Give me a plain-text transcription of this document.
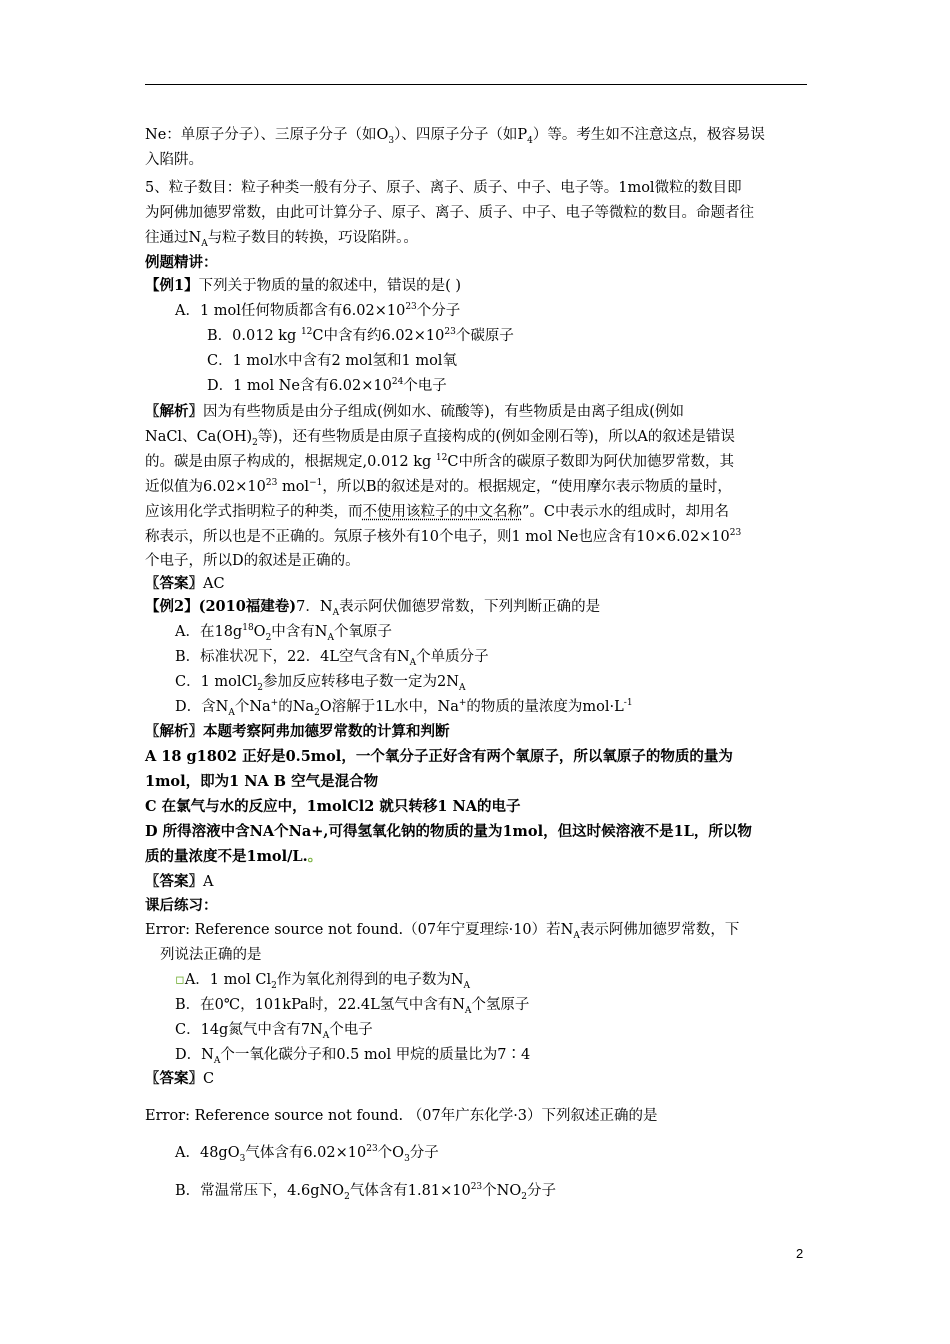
Ne：单原子分子）、三原子分子（如$O_3$）、四原子分子（如$P_4$）等。考生如不注意这点，极容易误
入陷阱。
5、粒子数目：粒子种类一般有分子、原子、离子、质子、中子、电子等。1mol微粒的数目即
为阿佛加德罗常数，由此可计算分子、原子、离子、质子、中子、电子等微粒的数目。命题者往
往通过$N_A$与粒子数目的转换，巧设陷阱。。
例题精讲：
【例1】下列关于物质的量的叙述中，错误的是( )
A．1 mol任何物质都含有$6.02\times 10^{23}$个分子
B．0.012 kg $^{12}$C中含有约$6.02\times 10^{23}$个碳原子
C．1 mol水中含有2 mol氢和1 mol氧
D．1 mol Ne含有$6.02\times 10^{24}$个电子
〖解析〗因为有些物质是由分子组成(例如水、硫酸等)，有些物质是由离子组成(例如
NaCl、$Ca(OH)_2$等)，还有些物质是由原子直接构成的(例如金刚石等)，所以A的叙述是错误
的。碳是由原子构成的，根据规定,0.012 kg $^{12}$C中所含的碳原子数即为阿伏加德罗常数，其
近似值为$6.02\times 10^{23}$ mol$^{-1}$，所以B的叙述是对的。根据规定，“使用摩尔表示物质的量时，
应该用化学式指明粒子的种类，而不使用该粒子的中文名称”。C中表示水的组成时，却用名
称表示，所以也是不正确的。氖原子核外有10个电子，则1 mol Ne也应含有$10\times 6.02\times 10^{23}$
个电子，所以D的叙述是正确的。
〖答案〗AC
【例2】(2010福建卷)7．$N_A$表示阿伏伽德罗常数，下列判断正确的是
A．在$18g^{18}O_2$中含有$N_A$个氧原子
B．标准状况下，22．4L空气含有$N_A$个单质分子
C．1 molCl$_2$参加反应转移电子数一定为$2N_A$
D．含$N_A$个Na+的$Na_2O$溶解于1L水中，Na+的物质的量浓度为$mol\cdot L^{-1}$
〖解析〗本题考察阿弗加德罗常数的计算和判断
A 18 g1802 正好是0.5mol，一个氧分子正好含有两个氧原子，所以氧原子的物质的量为
1mol，即为1 NA B 空气是混合物
C 在氯气与水的反应中，1molCl2 就只转移1 NA的电子
D 所得溶液中含NA个Na+,可得氢氧化钠的物质的量为1mol，但这时候溶液不是1L，所以物
质的量浓度不是1mol/L.。
〖答案〗A
课后练习：
Error: Reference source not found.（07年宁夏理综·10）若$N_A$表示阿佛加德罗常数，下
列说法正确的是
▫A．1 mol $Cl_2$作为氧化剂得到的电子数为$N_A$
B．在0℃，101kPa时，22.4L氢气中含有$N_A$个氢原子
C．14g氮气中含有$7N_A$个电子
D．$N_A$个一氧化碳分子和0.5 mol 甲烷的质量比为7∶4
〖答案〗C
Error: Reference source not found. （07年广东化学·3）下列叙述正确的是
A．$48gO_3$气体含有$6.02\times 10^{23}$个$O_3$分子
B．常温常压下，4.6gNO$_2$气体含有$1.81\times 10^{23}$个$NO_2$分子
2
